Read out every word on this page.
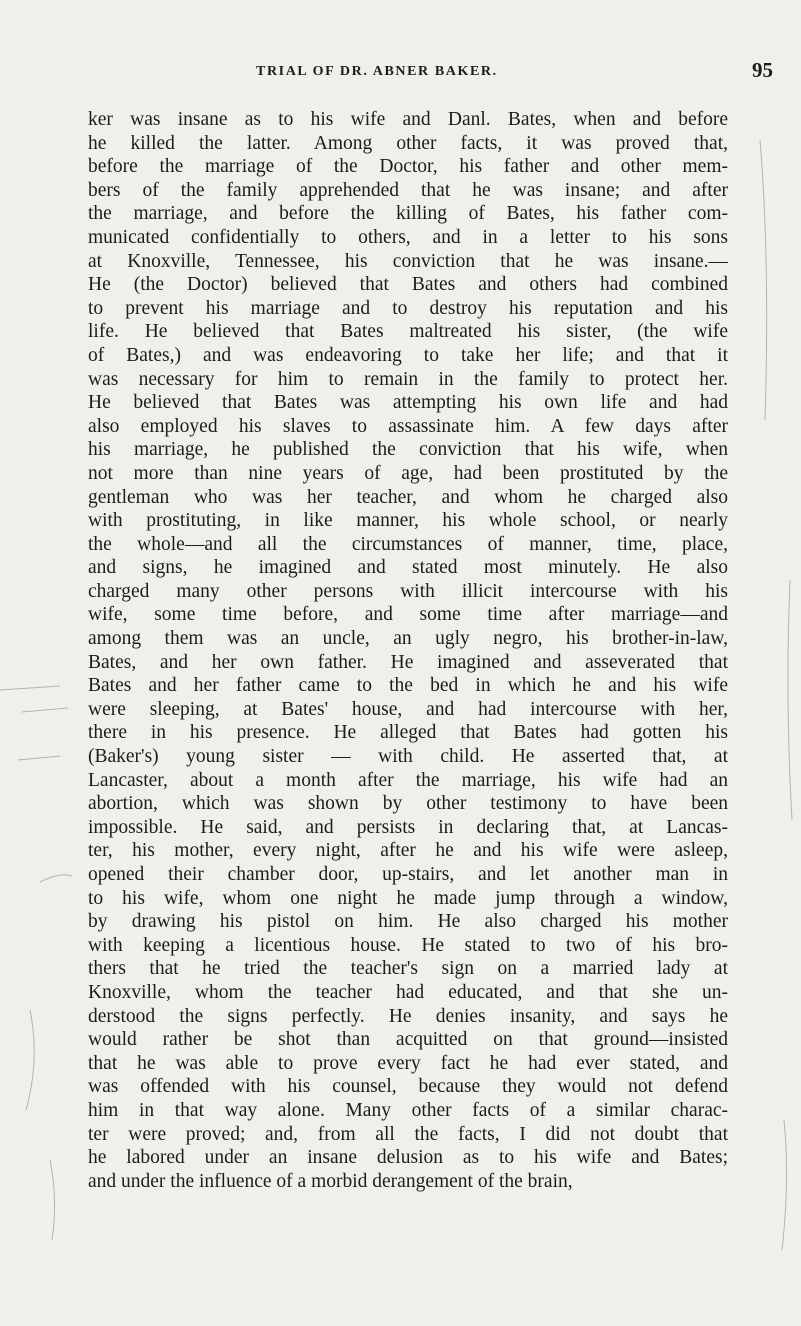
TRIAL OF DR. ABNER BAKER.	95
ker was insane as to his wife and Danl. Bates, when and before
he killed the latter. Among other facts, it was proved that,
before the marriage of the Doctor, his father and other mem-
bers of the family apprehended that he was insane; and after
the marriage, and before the killing of Bates, his father com-
municated confidentially to others, and in a letter to his sons
at Knoxville, Tennessee, his conviction that he was insane.—
He (the Doctor) believed that Bates and others had combined
to prevent his marriage and to destroy his reputation and his
life. He believed that Bates maltreated his sister, (the wife
of Bates,) and was endeavoring to take her life; and that it
was necessary for him to remain in the family to protect her.
He believed that Bates was attempting his own life and had
also employed his slaves to assassinate him. A few days after
his marriage, he published the conviction that his wife, when
not more than nine years of age, had been prostituted by the
gentleman who was her teacher, and whom he charged also
with prostituting, in like manner, his whole school, or nearly
the whole—and all the circumstances of manner, time, place,
and signs, he imagined and stated most minutely. He also
charged many other persons with illicit intercourse with his
wife, some time before, and some time after marriage—and
among them was an uncle, an ugly negro, his brother-in-law,
Bates, and her own father. He imagined and asseverated that
Bates and her father came to the bed in which he and his wife
were sleeping, at Bates' house, and had intercourse with her,
there in his presence. He alleged that Bates had gotten his
(Baker's) young sister — with child. He asserted that, at
Lancaster, about a month after the marriage, his wife had an
abortion, which was shown by other testimony to have been
impossible. He said, and persists in declaring that, at Lancas-
ter, his mother, every night, after he and his wife were asleep,
opened their chamber door, up-stairs, and let another man in
to his wife, whom one night he made jump through a window,
by drawing his pistol on him. He also charged his mother
with keeping a licentious house. He stated to two of his bro-
thers that he tried the teacher's sign on a married lady at
Knoxville, whom the teacher had educated, and that she un-
derstood the signs perfectly. He denies insanity, and says he
would rather be shot than acquitted on that ground—insisted
that he was able to prove every fact he had ever stated, and
was offended with his counsel, because they would not defend
him in that way alone. Many other facts of a similar charac-
ter were proved; and, from all the facts, I did not doubt that
he labored under an insane delusion as to his wife and Bates;
and under the influence of a morbid derangement of the brain,
